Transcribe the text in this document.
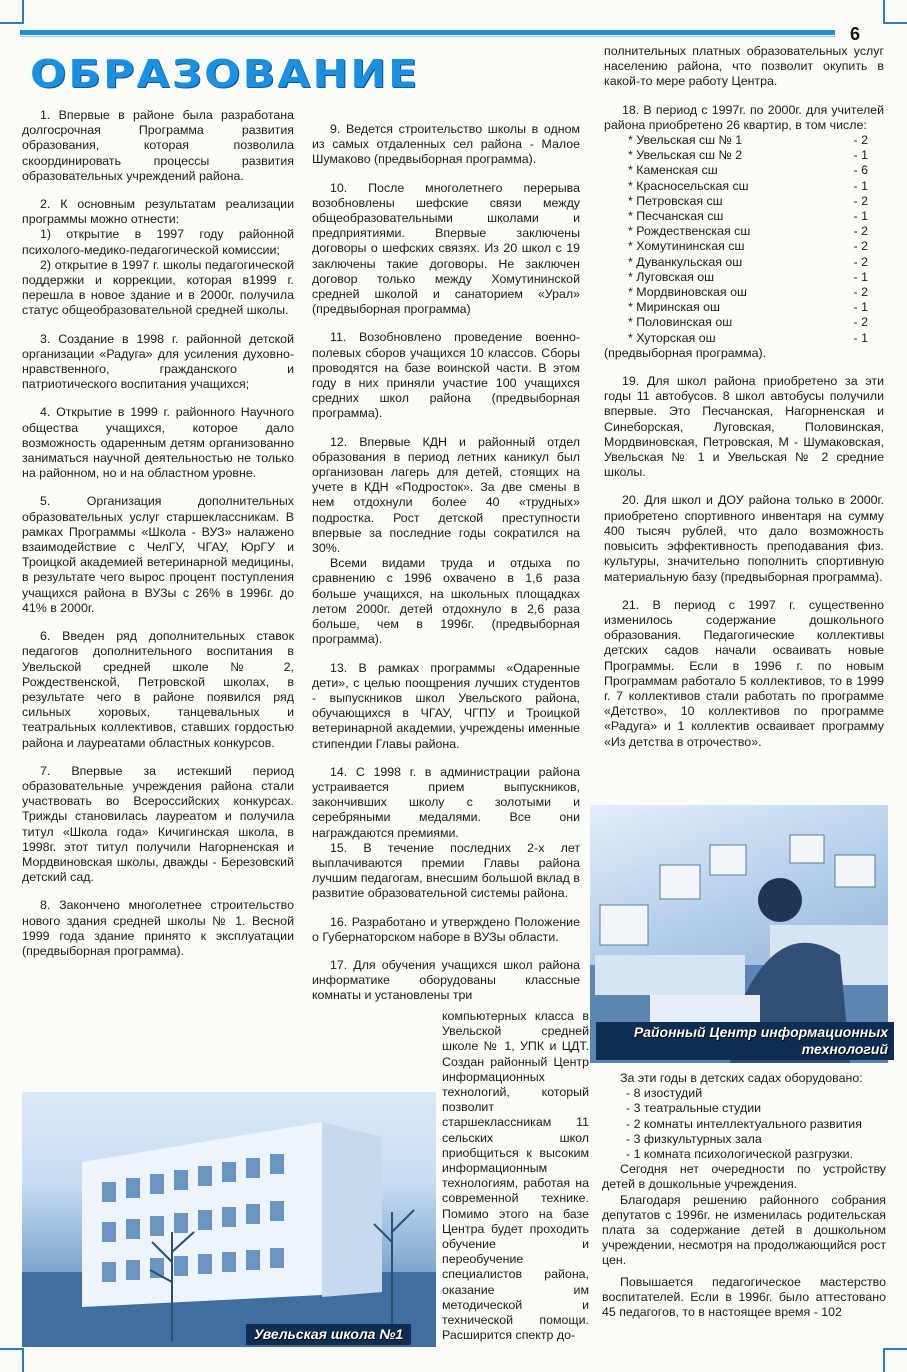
6
ОБРАЗОВАНИЕ

1. Впервые в районе была разработана долгосрочная Программа развития образования, которая позволила скоординировать процессы развития образовательных учреждений района.

2. К основным результатам реализации программы можно отнести:

1) открытие в 1997 году районной психолого-медико-педагогической комиссии;

2) открытие в 1997 г. школы педагогической поддержки и коррекции, которая в1999 г. перешла в новое здание и в 2000г. получила статус общеобразовательной средней школы.

3. Создание в 1998 г. районной детской организации «Радуга» для усиления духовно-нравственного, гражданского и патриотического воспитания учащихся;

4. Открытие в 1999 г. районного Научного общества учащихся, которое дало возможность одаренным детям организованно заниматься научной деятельностью не только на районном, но и на областном уровне.

5. Организация дополнительных образовательных услуг старшеклассникам. В рамках Программы «Школа - ВУЗ» налажено взаимодействие с ЧелГУ, ЧГАУ, ЮрГУ и Троицкой академией ветеринарной медицины, в результате чего вырос процент поступления учащихся района в ВУЗы с 26% в 1996г. до 41% в 2000г.

6. Введен ряд дополнительных ставок педагогов дополнительного воспитания в Увельской средней школе № 2, Рождественской, Петровской школах, в результате чего в районе появился ряд сильных хоровых, танцевальных и театральных коллективов, ставших гордостью района и лауреатами областных конкурсов.

7. Впервые за истекший период образовательные учреждения района стали участвовать во Всероссийских конкурсах. Трижды становилась лауреатом и получила титул «Школа года» Кичигинская школа, в 1998г. этот титул получили Нагорненская и Мордвиновская школы, дважды - Березовский детский сад.

8. Закончено многолетнее строительство нового здания средней школы № 1. Весной 1999 года здание принято к эксплуатации (предвыборная программа).

9. Ведется строительство школы в одном из самых отдаленных сел района - Малое Шумаково (предвыборная программа).

10. После многолетнего перерыва возобновлены шефские связи между общеобразовательными школами и предприятиями. Впервые заключены договоры о шефских связях. Из 20 школ с 19 заключены такие договоры. Не заключен договор только между Хомутининской средней школой и санаторием «Урал» (предвыборная программа)

11. Возобновлено проведение военно-полевых сборов учащихся 10 классов. Сборы проводятся на базе воинской части. В этом году в них приняли участие 100 учащихся средних школ района (предвыборная программа).

12. Впервые КДН и районный отдел образования в период летних каникул был организован лагерь для детей, стоящих на учете в КДН «Подросток». За две смены в нем отдохнули более 40 «трудных» подростка. Рост детской преступности впервые за последние годы сократился на 30%.

Всеми видами труда и отдыха по сравнению с 1996 охвачено в 1,6 раза больше учащихся, на школьных площадках летом 2000г. детей отдохнуло в 2,6 раза больше, чем в 1996г. (предвыборная программа).

13. В рамках программы «Одаренные дети», с целью поощрения лучших студентов - выпускников школ Увельского района, обучающихся в ЧГАУ, ЧГПУ и Троицкой ветеринарной академии, учреждены именные стипендии Главы района.

14. С 1998 г. в администрации района устраивается прием выпускников, закончивших школу с золотыми и серебряными медалями. Все они награждаются премиями.

15. В течение последних 2-х лет выплачиваются премии Главы района лучшим педагогам, внесшим большой вклад в развитие образовательной системы района.

16. Разработано и утверждено Положение о Губернаторском наборе в ВУЗы области.

17. Для обучения учащихся школ района информатике оборудованы классные комнаты и установлены три

компьютерных класса в Увельской средней школе № 1, УПК и ЦДТ. Создан районный Центр информационных технологий, который позволит старшеклассникам 11 сельских школ приобщиться к высоким информационным технологиям, работая на современной технике. Помимо этого на базе Центра будет проходить обучение и переобучение специалистов района, оказание им методической и технической помощи. Расширится спектр до-

полнительных платных образовательных услуг населению района, что позволит окупить в какой-то мере работу Центра.

18. В период с 1997г. по 2000г. для учителей района приобретено 26 квартир, в том числе:

* Увельская сш № 1	- 2
* Увельская сш № 2	- 1
* Каменская сш	- 6
* Красносельская сш	- 1
* Петровская сш	- 2
* Песчанская сш	- 1
* Рождественская сш	- 2
* Хомутининская сш	- 2
* Дуванкульская ош	- 2
* Луговская ош	- 1
* Мордвиновская ош	- 2
* Миринская ош	- 1
* Половинская ош	- 2
* Хуторская ош	- 1

(предвыборная программа).

19. Для школ района приобретено за эти годы 11 автобусов. 8 школ автобусы получили впервые. Это Песчанская, Нагорненская и Синеборская, Луговская, Половинская, Мордвиновская, Петровская, М - Шумаковская, Увельская № 1 и Увельская № 2 средние школы.

20. Для школ и ДОУ района только в 2000г. приобретено спортивного инвентаря на сумму 400 тысяч рублей, что дало возможность повысить эффективность преподавания физ. культуры, значительно пополнить спортивную материальную базу (предвыборная программа).

21. В период с 1997 г. существенно изменилось содержание дошкольного образования. Педагогические коллективы детских садов начали осваивать новые Программы. Если в 1996 г. по новым Программам работало 5 коллективов, то в 1999 г. 7 коллективов стали работать по программе «Детство», 10 коллективов по программе «Радуга» и 1 коллектив осваивает программу «Из детства в отрочество».

За эти годы в детских садах оборудовано:

- 8 изостудий
- 3 театральные студии
- 2 комнаты интеллектуального развития
- 3 физкультурных зала
- 1 комната психологической разгрузки.

Сегодня нет очередности по устройству детей в дошкольные учреждения.

Благодаря решению районного собрания депутатов с 1996г. не изменилась родительская плата за содержание детей в дошкольном учреждении, несмотря на продолжающийся рост цен.

Повышается педагогическое мастерство воспитателей. Если в 1996г. было аттестовано 45 педагогов, то в настоящее время - 102

Увельская школа №1
Районный Центр информационных технологий
